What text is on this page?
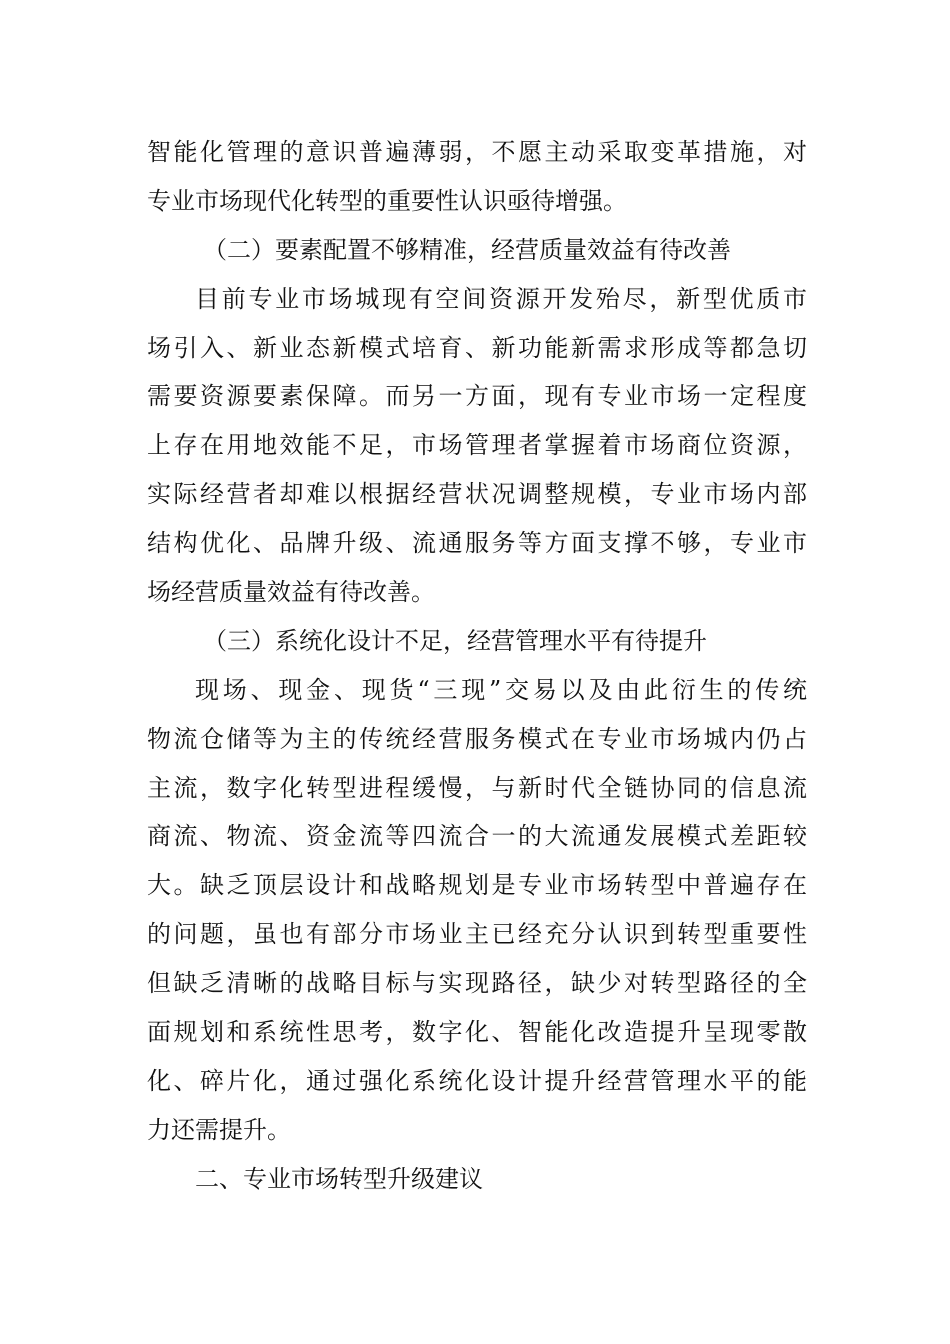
智能化管理的意识普遍薄弱，不愿主动采取变革措施，对
专业市场现代化转型的重要性认识亟待增强。
（二）要素配置不够精准，经营质量效益有待改善
目前专业市场城现有空间资源开发殆尽，新型优质市
场引入、新业态新模式培育、新功能新需求形成等都急切
需要资源要素保障。而另一方面，现有专业市场一定程度
上存在用地效能不足，市场管理者掌握着市场商位资源，
实际经营者却难以根据经营状况调整规模，专业市场内部
结构优化、品牌升级、流通服务等方面支撑不够，专业市
场经营质量效益有待改善。
（三）系统化设计不足，经营管理水平有待提升
现场、现金、现货“三现”交易以及由此衍生的传统
物流仓储等为主的传统经营服务模式在专业市场城内仍占
主流，数字化转型进程缓慢，与新时代全链协同的信息流
商流、物流、资金流等四流合一的大流通发展模式差距较
大。缺乏顶层设计和战略规划是专业市场转型中普遍存在
的问题，虽也有部分市场业主已经充分认识到转型重要性
但缺乏清晰的战略目标与实现路径，缺少对转型路径的全
面规划和系统性思考，数字化、智能化改造提升呈现零散
化、碎片化，通过强化系统化设计提升经营管理水平的能
力还需提升。
二、专业市场转型升级建议
